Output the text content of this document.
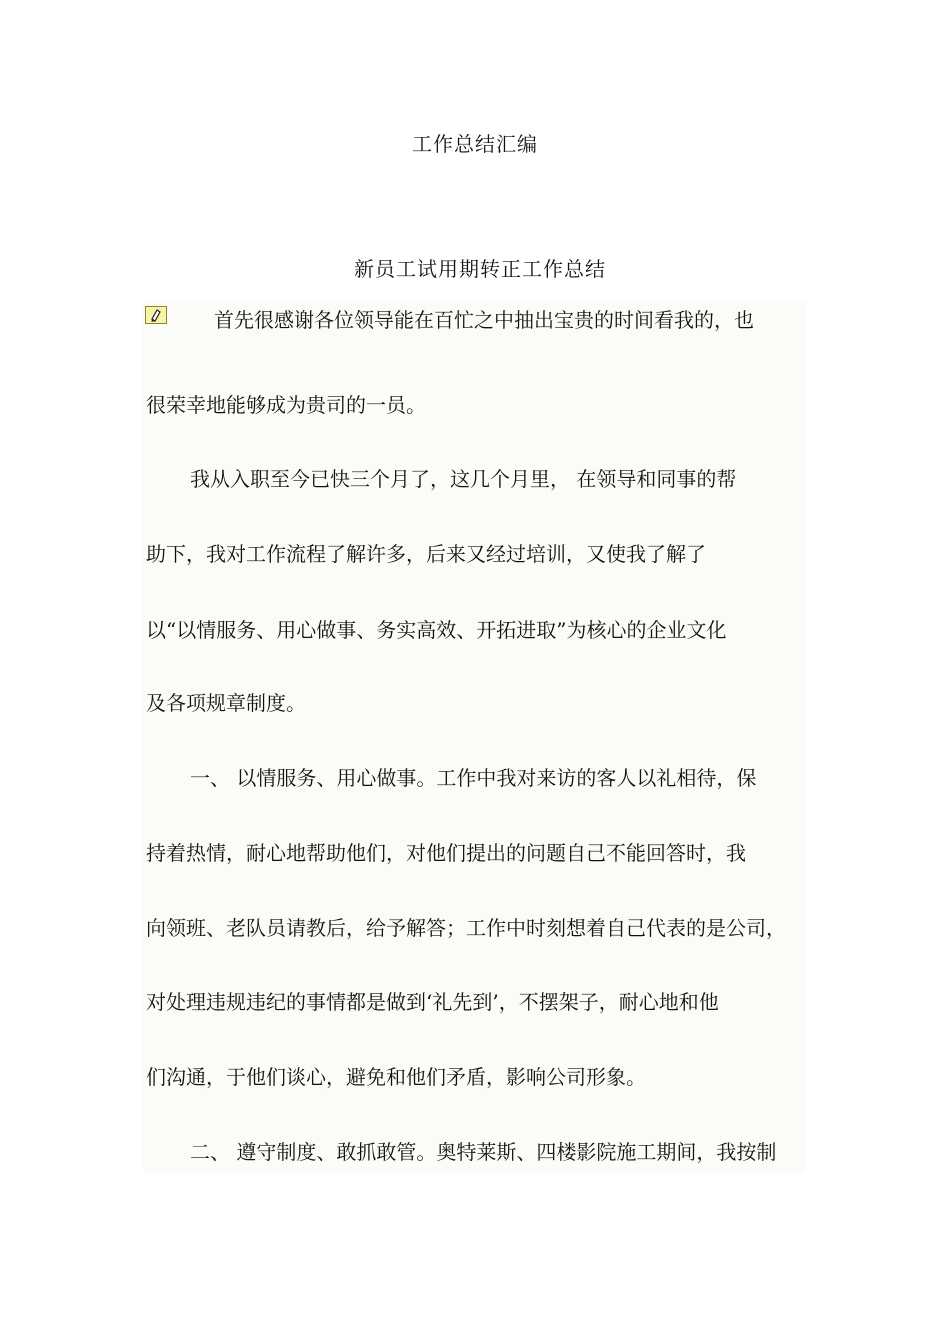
工作总结汇编
新员工试用期转正工作总结
首先很感谢各位领导能在百忙之中抽出宝贵的时间看我的，也
很荣幸地能够成为贵司的一员。
我从入职至今已快三个月了，这几个月里， 在领导和同事的帮
助下，我对工作流程了解许多，后来又经过培训，又使我了解了
以“以情服务、用心做事、务实高效、开拓进取”为核心的企业文化
及各项规章制度。
一、 以情服务、用心做事。工作中我对来访的客人以礼相待，保
持着热情，耐心地帮助他们，对他们提出的问题自己不能回答时，我
向领班、老队员请教后，给予解答；工作中时刻想着自己代表的是公司，
对处理违规违纪的事情都是做到‘礼先到’，不摆架子，耐心地和他
们沟通，于他们谈心，避免和他们矛盾，影响公司形象。
二、 遵守制度、敢抓敢管。奥特莱斯、四楼影院施工期间，我按制
